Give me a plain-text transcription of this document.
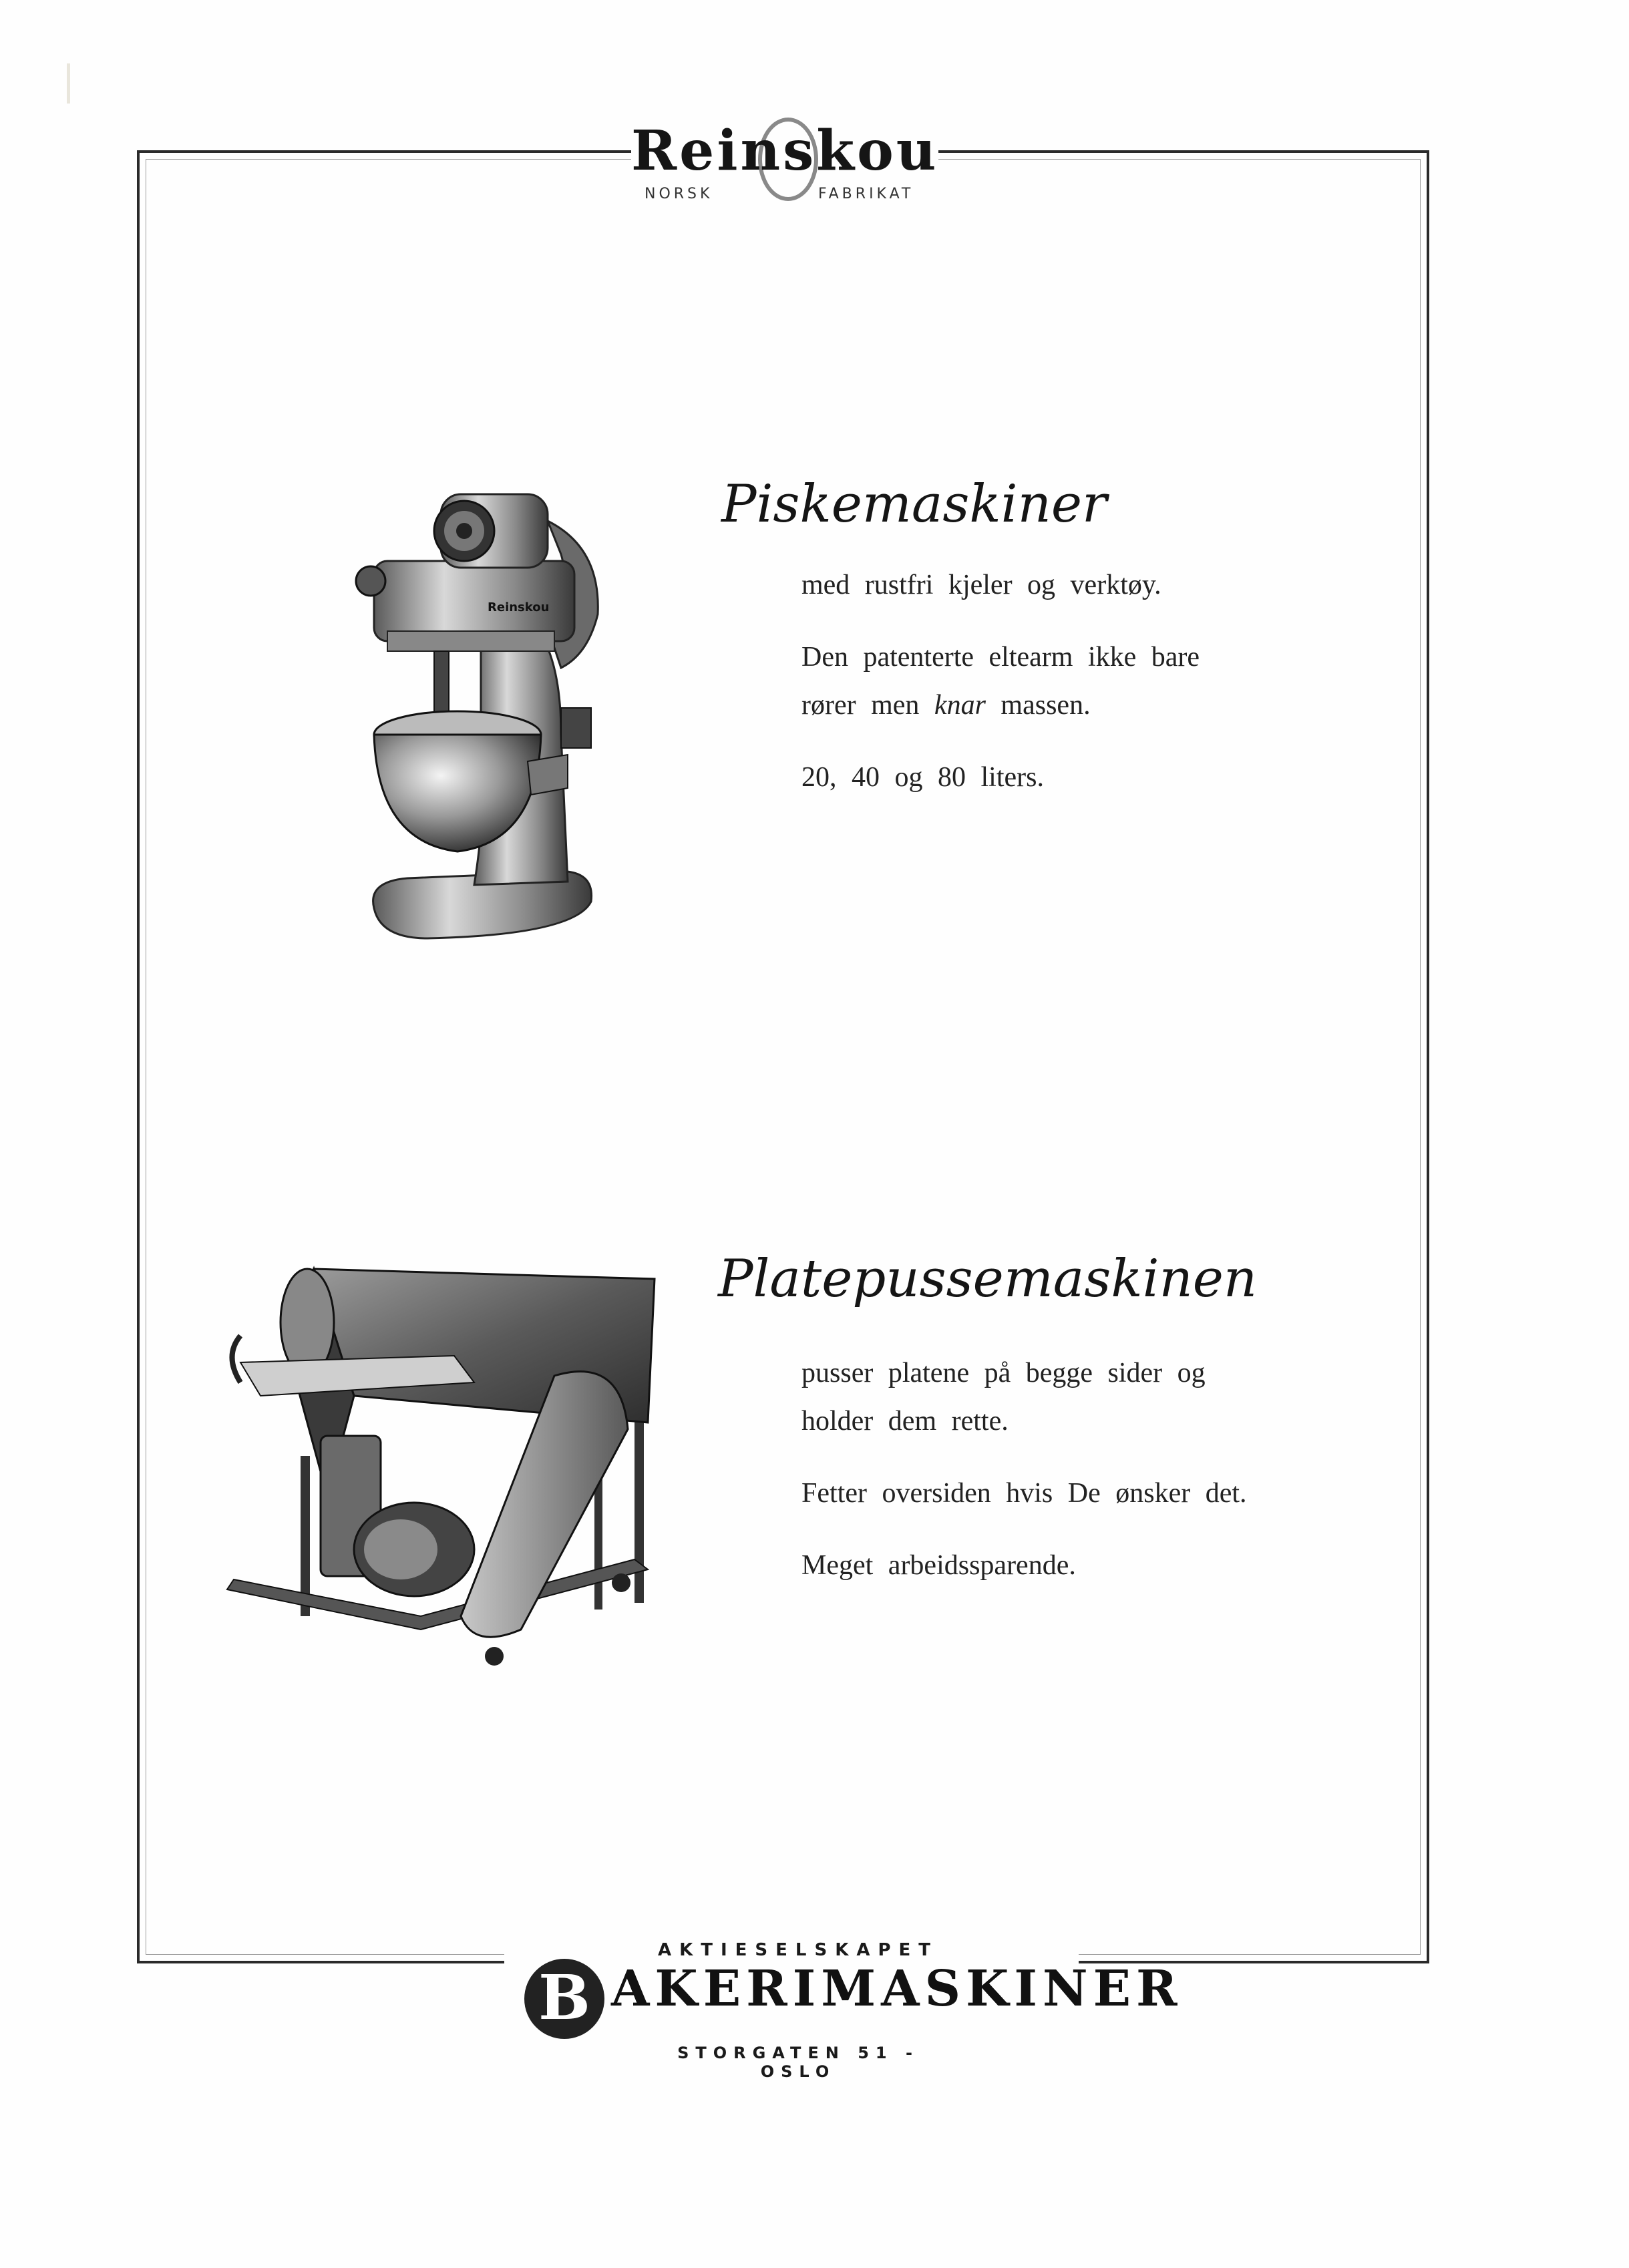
Reinskou
NORSK	FABRIKAT
Reinskou
Piskemaskiner

med rustfri kjeler og verktøy.

Den patenterte eltearm ikke bare
rører men knar massen.

20, 40 og 80 liters.

Platepussemaskinen

pusser platene på begge sider og holder dem rette.

Fetter oversiden hvis De ønsker det.

Meget arbeidssparende.

AKTIESELSKAPET
B AKERIMASKINER
STORGATEN 51 - OSLO
